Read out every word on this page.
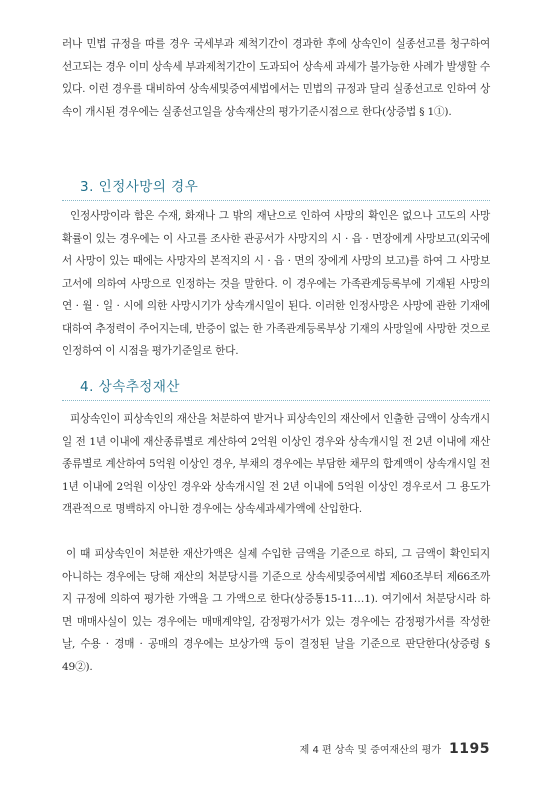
러나 민법 규정을 따를 경우 국세부과 제척기간이 경과한 후에 상속인이 실종선고를 청구하여 선고되는 경우 이미 상속세 부과제척기간이 도과되어 상속세 과세가 불가능한 사례가 발생할 수 있다. 이런 경우를 대비하여 상속세및증여세법에서는 민법의 규정과 달리 실종선고로 인하여 상속이 개시된 경우에는 실종선고일을 상속재산의 평가기준시점으로 한다(상증법 § 1①).

3. 인정사망의 경우

인정사망이라 함은 수재, 화재나 그 밖의 재난으로 인하여 사망의 확인은 없으나 고도의 사망확률이 있는 경우에는 이 사고를 조사한 관공서가 사망지의 시 · 읍 · 면장에게 사망보고(외국에서 사망이 있는 때에는 사망자의 본적지의 시 · 읍 · 면의 장에게 사망의 보고)를 하여 그 사망보고서에 의하여 사망으로 인정하는 것을 말한다. 이 경우에는 가족관계등록부에 기재된 사망의 연 · 월 · 일 · 시에 의한 사망시기가 상속개시일이 된다. 이러한 인정사망은 사망에 관한 기재에 대하여 추정력이 주어지는데, 반증이 없는 한 가족관계등록부상 기재의 사망일에 사망한 것으로 인정하여 이 시점을 평가기준일로 한다.

4. 상속추정재산

피상속인이 피상속인의 재산을 처분하여 받거나 피상속인의 재산에서 인출한 금액이 상속개시일 전 1년 이내에 재산종류별로 계산하여 2억원 이상인 경우와 상속개시일 전 2년 이내에 재산종류별로 계산하여 5억원 이상인 경우, 부채의 경우에는 부담한 채무의 합계액이 상속개시일 전 1년 이내에 2억원 이상인 경우와 상속개시일 전 2년 이내에 5억원 이상인 경우로서 그 용도가 객관적으로 명백하지 아니한 경우에는 상속세과세가액에 산입한다.

이 때 피상속인이 처분한 재산가액은 실제 수입한 금액을 기준으로 하되, 그 금액이 확인되지 아니하는 경우에는 당해 재산의 처분당시를 기준으로 상속세및증여세법 제60조부터 제66조까지 규정에 의하여 평가한 가액을 그 가액으로 한다(상증통15-11…1). 여기에서 처분당시라 하면 매매사실이 있는 경우에는 매매계약일, 감정평가서가 있는 경우에는 감정평가서를 작성한 날, 수용 · 경매 · 공매의 경우에는 보상가액 등이 결정된 날을 기준으로 판단한다(상증령 § 49②).

제 4 편 상속 및 증여재산의 평가 1195
